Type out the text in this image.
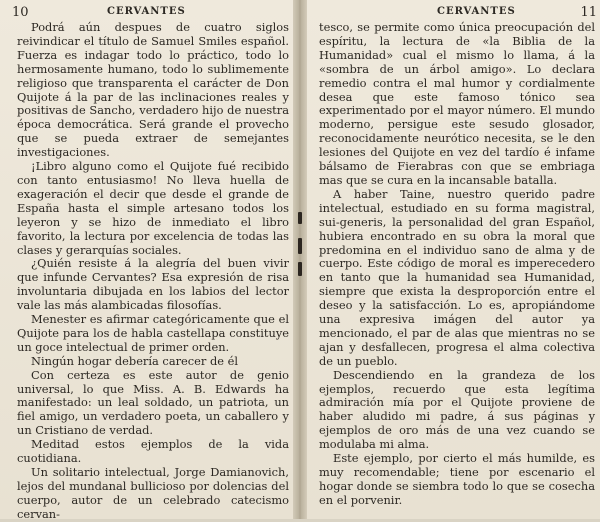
10	CERVANTES

Podrá aún despues de cuatro siglos reivindicar el título de Samuel Smiles español. Fuerza es indagar todo lo práctico, todo lo hermosamente humano, todo lo sublimemente religioso que transparenta el carácter de Don Quijote á la par de las inclinaciones reales y positivas de Sancho, verdadero hijo de nuestra época democrática. Será grande el provecho que se pueda extraer de semejantes investigaciones.

¡Libro alguno como el Quijote fué recibido con tanto entusiasmo! No lleva huella de exageración el decir que desde el grande de España hasta el simple artesano todos los leyeron y se hizo de inmediato el libro favorito, la lectura por excelencia de todas las clases y gerarquías sociales.

¿Quién resiste á la alegría del buen vivir que infunde Cervantes? Esa expresión de risa involuntaria dibujada en los labios del lector vale las más alambicadas filosofías.

Menester es afirmar categóricamente que el Quijote para los de habla castellapa constituye un goce intelectual de primer orden.

Ningún hogar debería carecer de él

Con certeza es este autor de genio universal, lo que Miss. A. B. Edwards ha manifestado: un leal soldado, un patriota, un fiel amigo, un verdadero poeta, un caballero y un Cristiano de verdad.

Meditad estos ejemplos de la vida cuotidiana.

Un solitario intelectual, Jorge Damianovich, lejos del mundanal bullicioso por dolencias del cuerpo, autor de un celebrado catecismo cervan-

CERVANTES	11

tesco, se permite como única preocupación del espíritu, la lectura de «la Biblia de la Humanidad» cual el mismo lo llama, á la «sombra de un árbol amigo». Lo declara remedio contra el mal humor y cordialmente desea que este famoso tónico sea experimentado por el mayor número. El mundo moderno, persigue este sesudo glosador, reconocidamente neurótico necesita, se le den lesiones del Quijote en vez del tardío é infame bálsamo de Fierabras con que se embriaga mas que se cura en la incansable batalla.

A haber Taine, nuestro querido padre intelectual, estudiado en su forma magistral, sui-generis, la personalidad del gran Español, hubiera encontrado en su obra la moral que predomina en el individuo sano de alma y de cuerpo. Este código de moral es imperecedero en tanto que la humanidad sea Humanidad, siempre que exista la desproporción entre el deseo y la satisfacción. Lo es, apropiándome una expresiva imágen del autor ya mencionado, el par de alas que mientras no se ajan y desfallecen, progresa el alma colectiva de un pueblo.

Descendiendo en la grandeza de los ejemplos, recuerdo que esta legítima admiración mía por el Quijote proviene de haber aludido mi padre, á sus páginas y ejemplos de oro más de una vez cuando se modulaba mi alma.

Este ejemplo, por cierto el más humilde, es muy recomendable; tiene por escenario el hogar donde se siembra todo lo que se cosecha en el porvenir.
